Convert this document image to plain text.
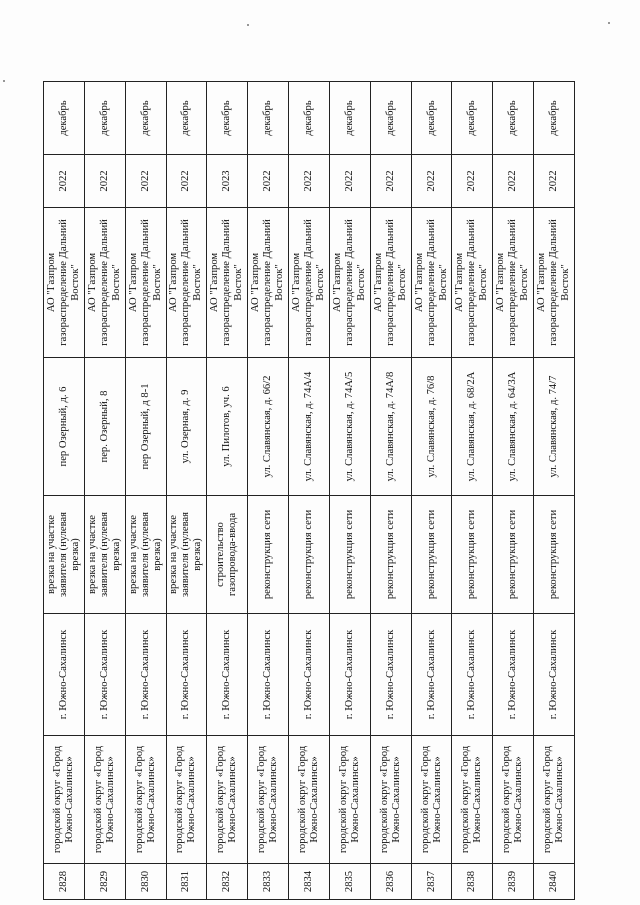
2828	городской округ «Город Южно-Сахалинск»	г. Южно-Сахалинск	врезка на участке заявителя (нулевая врезка)	пер Озерный, д. 6	АО "Газпром газораспределение Дальний Восток"	2022	декабрь
2829	городской округ «Город Южно-Сахалинск»	г. Южно-Сахалинск	врезка на участке заявителя (нулевая врезка)	пер. Озерный, 8	АО "Газпром газораспределение Дальний Восток"	2022	декабрь
2830	городской округ «Город Южно-Сахалинск»	г. Южно-Сахалинск	врезка на участке заявителя (нулевая врезка)	пер Озерный, д 8-1	АО "Газпром газораспределение Дальний Восток"	2022	декабрь
2831	городской округ «Город Южно-Сахалинск»	г. Южно-Сахалинск	врезка на участке заявителя (нулевая врезка)	ул. Озерная, д. 9	АО "Газпром газораспределение Дальний Восток"	2022	декабрь
2832	городской округ «Город Южно-Сахалинск»	г. Южно-Сахалинск	строительство газопровода-ввода	ул. Пилотов, уч. 6	АО "Газпром газораспределение Дальний Восток"	2023	декабрь
2833	городской округ «Город Южно-Сахалинск»	г. Южно-Сахалинск	реконструкция сети	ул. Славянская, д. 66/2	АО "Газпром газораспределение Дальний Восток"	2022	декабрь
2834	городской округ «Город Южно-Сахалинск»	г. Южно-Сахалинск	реконструкция сети	ул. Славянская, д. 74А/4	АО "Газпром газораспределение Дальний Восток"	2022	декабрь
2835	городской округ «Город Южно-Сахалинск»	г. Южно-Сахалинск	реконструкция сети	ул. Славянская, д. 74А/5	АО "Газпром газораспределение Дальний Восток"	2022	декабрь
2836	городской округ «Город Южно-Сахалинск»	г. Южно-Сахалинск	реконструкция сети	ул. Славянская, д. 74А/8	АО "Газпром газораспределение Дальний Восток"	2022	декабрь
2837	городской округ «Город Южно-Сахалинск»	г. Южно-Сахалинск	реконструкция сети	ул. Славянская, д. 76/8	АО "Газпром газораспределение Дальний Восток"	2022	декабрь
2838	городской округ «Город Южно-Сахалинск»	г. Южно-Сахалинск	реконструкция сети	ул. Славянская, д. 68/2А	АО "Газпром газораспределение Дальний Восток"	2022	декабрь
2839	городской округ «Город Южно-Сахалинск»	г. Южно-Сахалинск	реконструкция сети	ул. Славянская, д. 64/3А	АО "Газпром газораспределение Дальний Восток"	2022	декабрь
2840	городской округ «Город Южно-Сахалинск»	г. Южно-Сахалинск	реконструкция сети	ул. Славянская, д. 74/7	АО "Газпром газораспределение Дальний Восток"	2022	декабрь
